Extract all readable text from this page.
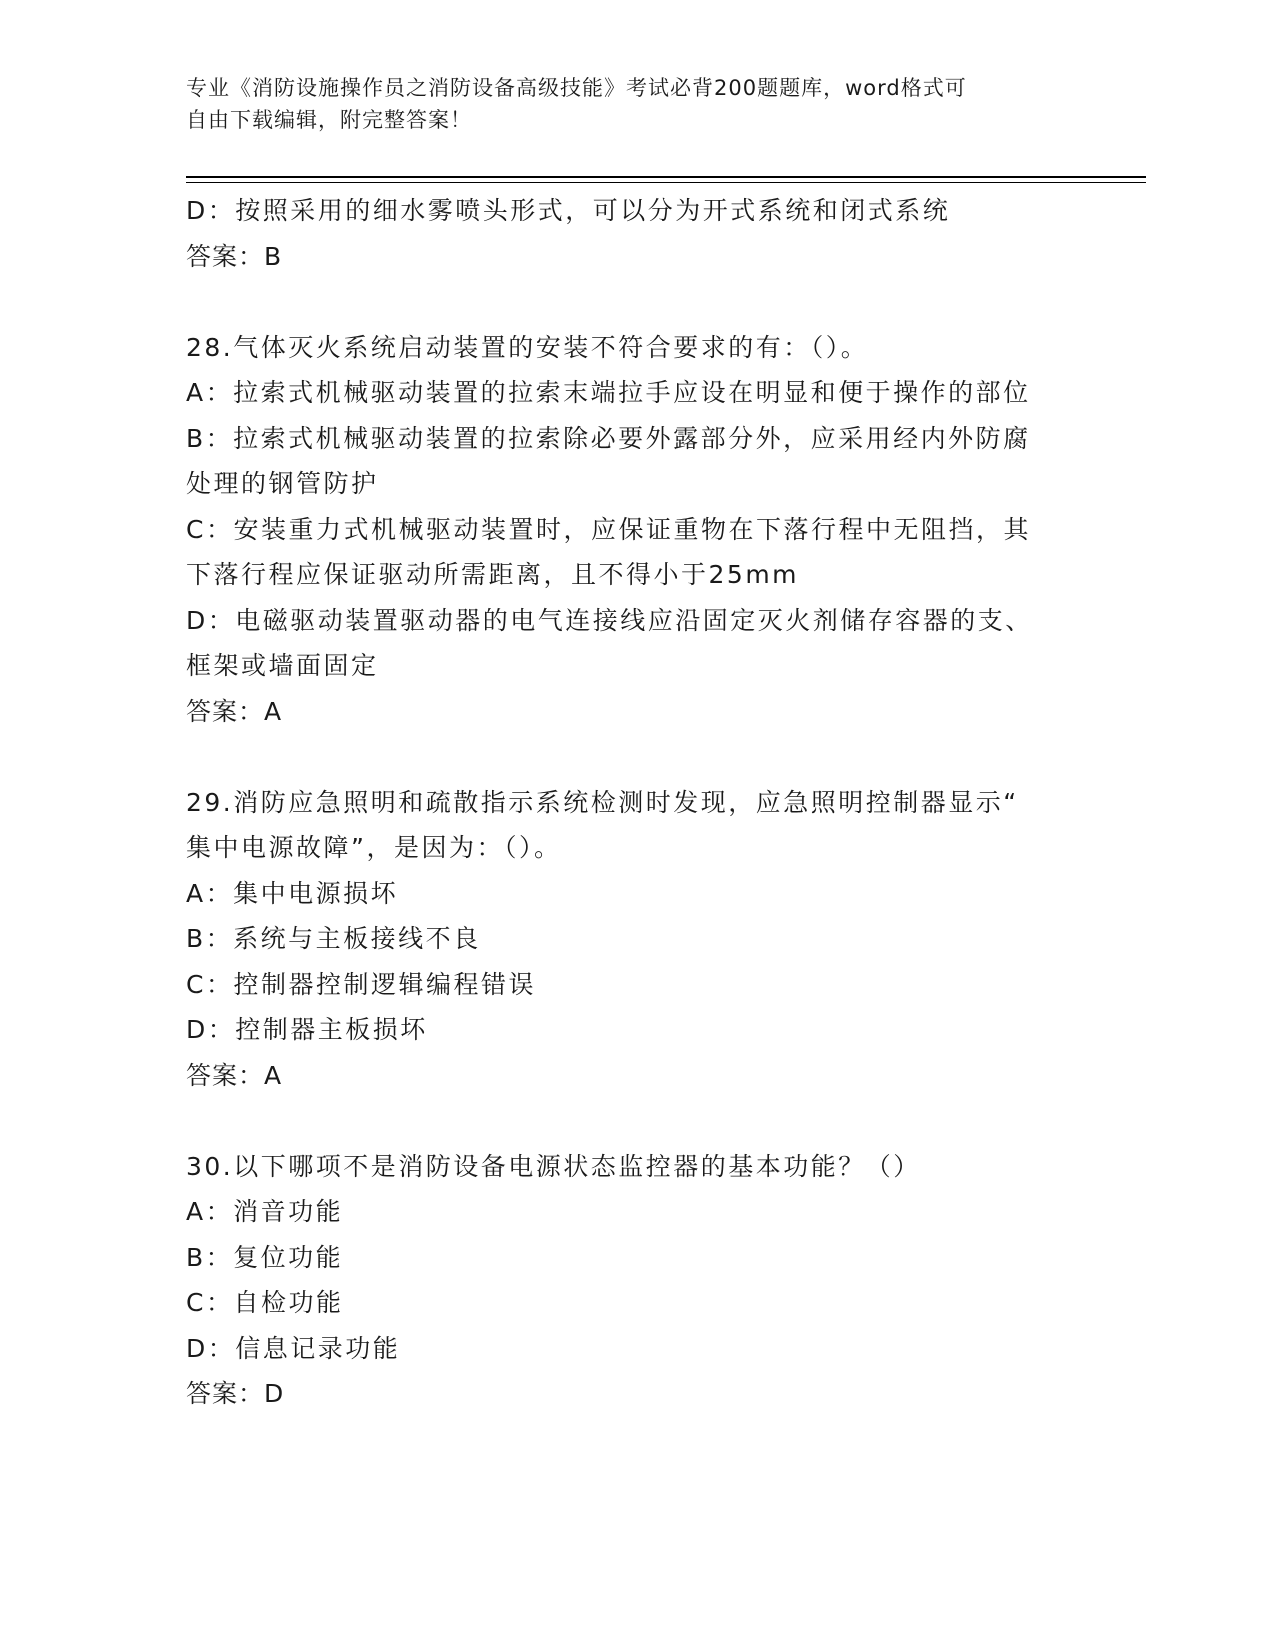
专业《消防设施操作员之消防设备高级技能》考试必背200题题库，word格式可
自由下载编辑，附完整答案！

D：按照采用的细水雾喷头形式，可以分为开式系统和闭式系统

答案：B

28.气体灭火系统启动装置的安装不符合要求的有：（）。

A：拉索式机械驱动装置的拉索末端拉手应设在明显和便于操作的部位

B：拉索式机械驱动装置的拉索除必要外露部分外，应采用经内外防腐

处理的钢管防护

C：安装重力式机械驱动装置时，应保证重物在下落行程中无阻挡，其

下落行程应保证驱动所需距离，且不得小于25mm

D：电磁驱动装置驱动器的电气连接线应沿固定灭火剂储存容器的支、

框架或墙面固定

答案：A

29.消防应急照明和疏散指示系统检测时发现，应急照明控制器显示“

集中电源故障”，是因为：（）。

A：集中电源损坏

B：系统与主板接线不良

C：控制器控制逻辑编程错误

D：控制器主板损坏

答案：A

30.以下哪项不是消防设备电源状态监控器的基本功能？（）

A：消音功能

B：复位功能

C：自检功能

D：信息记录功能

答案：D
